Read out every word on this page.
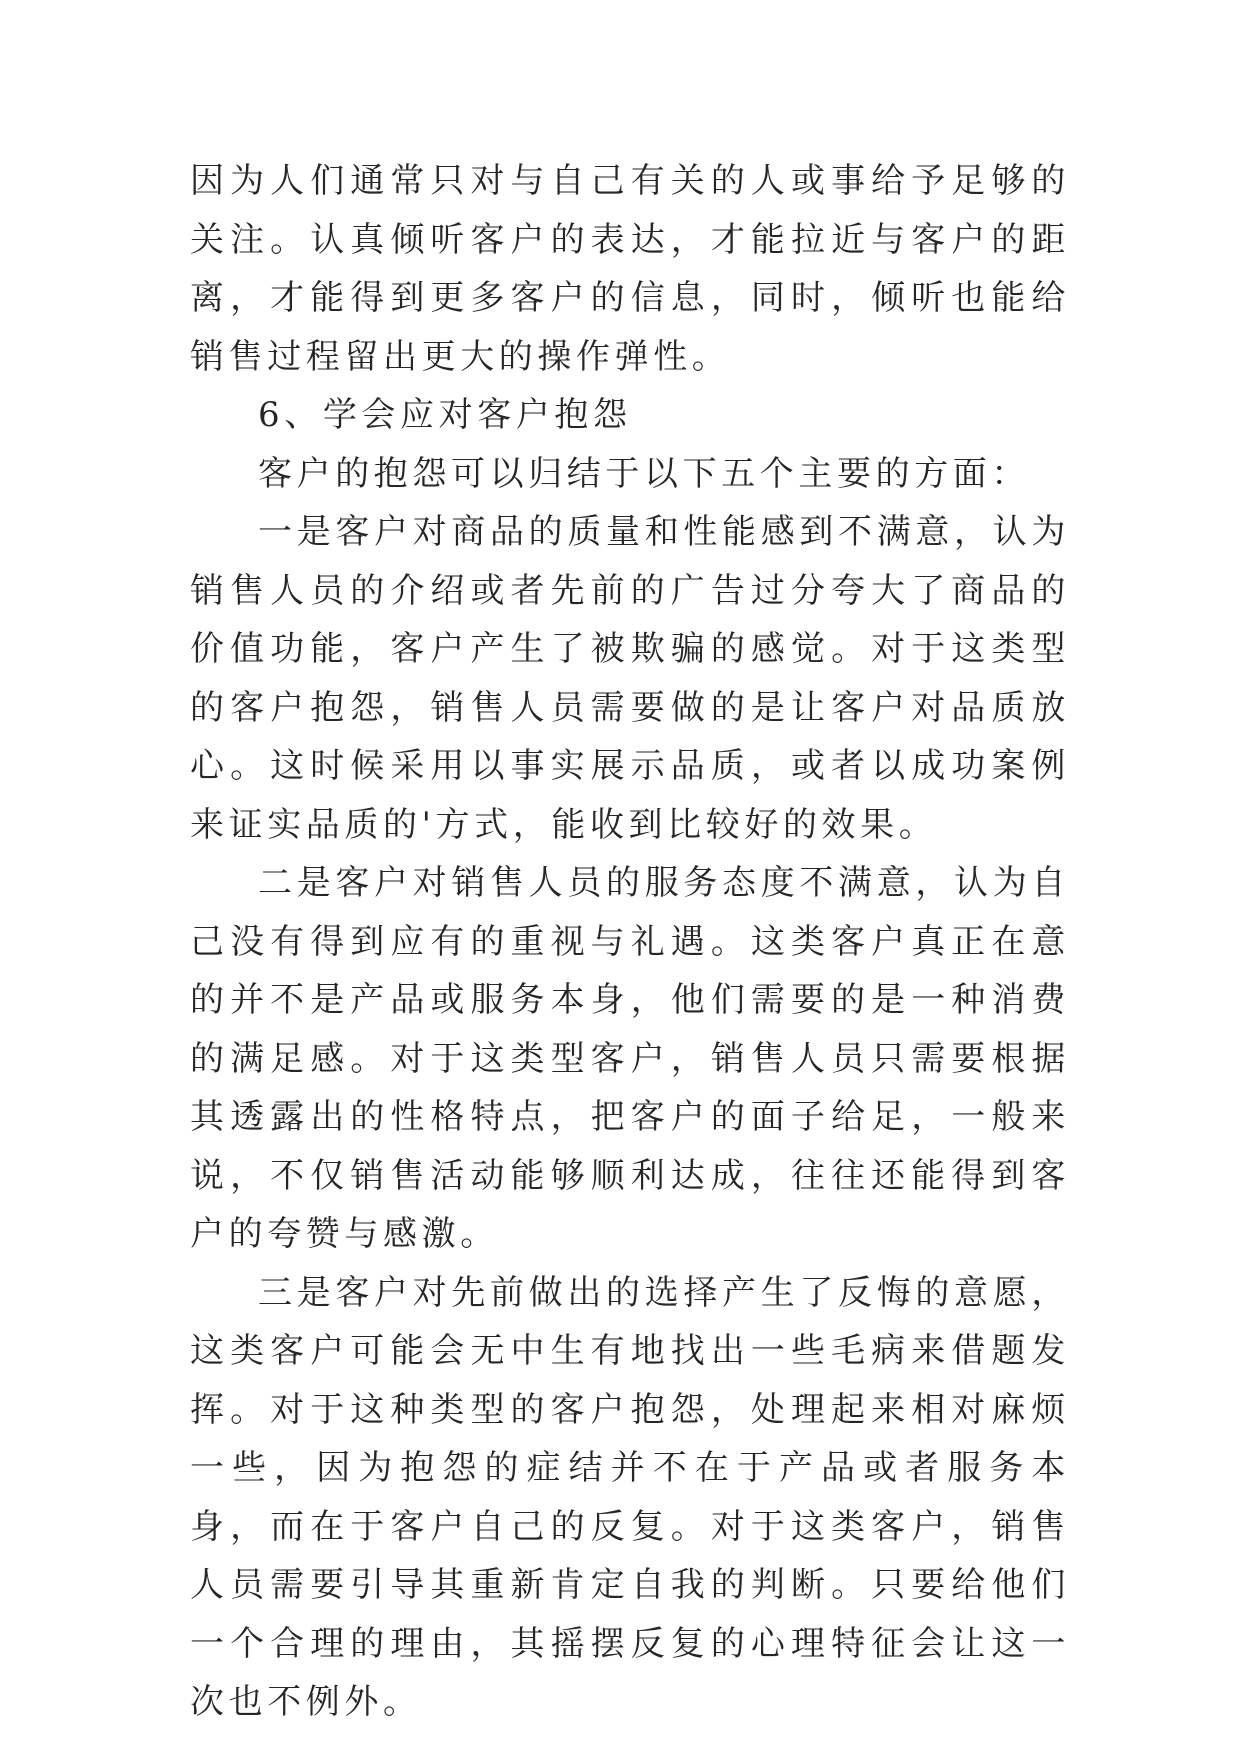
因为人们通常只对与自己有关的人或事给予足够的关注。认真倾听客户的表达，才能拉近与客户的距离，才能得到更多客户的信息，同时，倾听也能给销售过程留出更大的操作弹性。

6、学会应对客户抱怨

客户的抱怨可以归结于以下五个主要的方面：

一是客户对商品的质量和性能感到不满意，认为销售人员的介绍或者先前的广告过分夸大了商品的价值功能，客户产生了被欺骗的感觉。对于这类型的客户抱怨，销售人员需要做的是让客户对品质放心。这时候采用以事实展示品质，或者以成功案例来证实品质的'方式，能收到比较好的效果。

二是客户对销售人员的服务态度不满意，认为自己没有得到应有的重视与礼遇。这类客户真正在意的并不是产品或服务本身，他们需要的是一种消费的满足感。对于这类型客户，销售人员只需要根据其透露出的性格特点，把客户的面子给足，一般来说，不仅销售活动能够顺利达成，往往还能得到客户的夸赞与感激。

三是客户对先前做出的选择产生了反悔的意愿，这类客户可能会无中生有地找出一些毛病来借题发挥。对于这种类型的客户抱怨，处理起来相对麻烦一些，因为抱怨的症结并不在于产品或者服务本身，而在于客户自己的反复。对于这类客户，销售人员需要引导其重新肯定自我的判断。只要给他们一个合理的理由，其摇摆反复的心理特征会让这一次也不例外。
